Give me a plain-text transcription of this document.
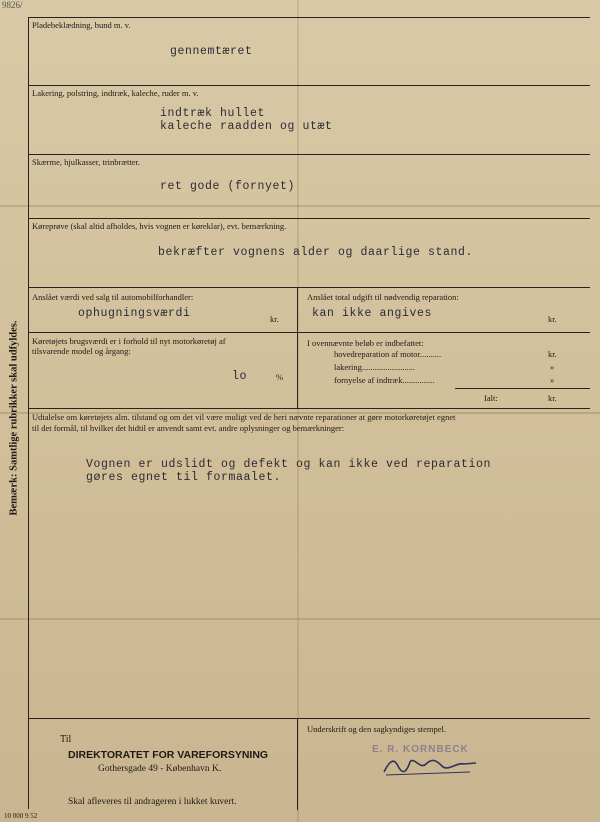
9826/
Bemærk: Samtlige rubrikker skal udfyldes.
Pladebeklædning, bund m. v.
gennemtæret
Lakering, polstring, indtræk, kaleche, ruder m. v.
indtræk hullet
kaleche raadden og utæt
Skærme, hjulkasser, trinbrætter.
ret gode (fornyet)
Køreprøve (skal altid afholdes, hvis vognen er køreklar), evt. bemærkning.
bekræfter vognens alder og daarlige stand.
Anslået værdi ved salg til automobilforhandler:
ophugningsværdi	kr.
Anslået total udgift til nødvendig reparation:
kan ikke angives	kr.
Køretøjets brugsværdi er i forhold til nyt motorkøretøj af
tilsvarende model og årgang:
lo	%
I ovennævnte beløb er indbefattet:
hovedreparation af motor..........	kr.
lakering.........................	»
fornyelse af indtræk...............	»
Ialt:	kr.
Udtalelse om køretøjets alm. tilstand og om det vil være muligt ved de heri nævnte reparationer at gøre motorkøretøjet egnet
til det formål, til hvilket det hidtil er anvendt samt evt. andre oplysninger og bemærkninger:
Vognen er udslidt og defekt og kan ikke ved reparation
gøres egnet til formaalet.
Til
DIREKTORATET FOR VAREFORSYNING
Gothersgade 49 - København K.
Skal afleveres til andrageren i lukket kuvert.
10 000 9 52
Underskrift og den sagkyndiges stempel.
E. R. KORNBECK
